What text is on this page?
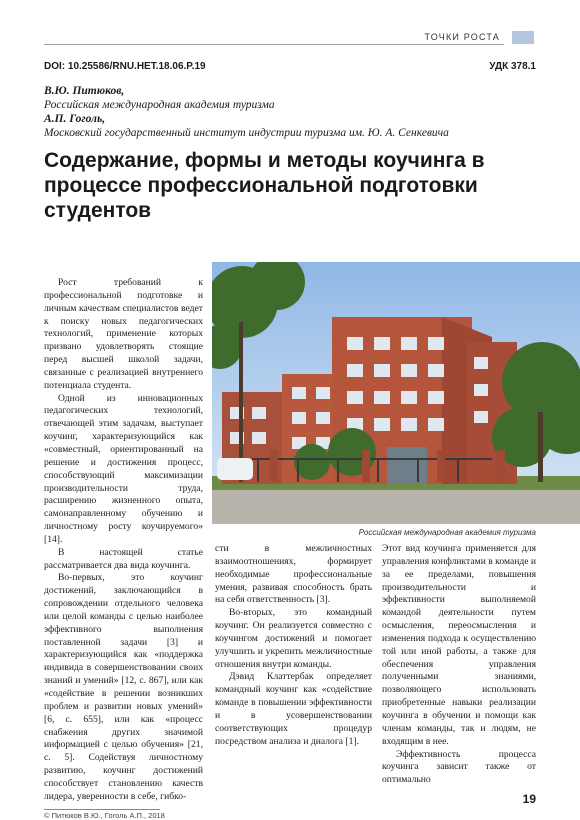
ТОЧКИ РОСТА
DOI: 10.25586/RNU.HET.18.06.P.19	УДК 378.1
В.Ю. Питюков,
Российская международная академия туризма
А.П. Гоголь,
Московский государственный институт индустрии туризма им. Ю. А. Сенкевича
Содержание, формы и методы коучинга в процессе профессиональной подготовки студентов

Рост требований к профессиональной подготовке и личным качествам специалистов ведет к поиску новых педагогических технологий, применение которых призвано удовлетворять стоящие перед высшей школой задачи, связанные с реализацией внутреннего потенциала студента.

Одной из инновационных педагогических технологий, отвечающей этим задачам, выступает коучинг, характеризующийся как «совместный, ориентированный на решение и достижения процесс, способствующий максимизации производительности труда, расширению жизненного опыта, самонаправленному обучению и личностному росту коучируемого» [14].

В настоящей статье рассматривается два вида коучинга.

Во-первых, это коучинг достижений, заключающийся в сопровождении отдельного человека или целой команды с целью наиболее эффективного выполнения поставленной задачи [3] и характеризующийся как «поддержка индивида в совершенствовании своих знаний и умений» [12, с. 867], или как «содействие в решении возникших проблем и развитии новых умений» [6, с. 655], или как «процесс снабжения других значимой информацией с целью обучения» [21, с. 5]. Содействуя личностному развитию, коучинг достижений способствует становлению качеств лидера, уверенности в себе, гибко-

Российская международная академия туризма

сти в межличностных взаимоотношениях, формирует необходимые профессиональные умения, развивая способность брать на себя ответственность [3].

Во-вторых, это командный коучинг. Он реализуется совместно с коучингом достижений и помогает улучшить и укрепить межличностные отношения внутри команды.

Дэвид Клаттербак определяет командный коучинг как «содействие команде в повышении эффективности и в усовершенствовании соответствующих процедур посредством анализа и диалога [1].

Этот вид коучинга применяется для управления конфликтами в команде и за ее пределами, повышения производительности и эффективности выполняемой командой деятельности путем осмысления, переосмысления и изменения подхода к осуществлению той или иной работы, а также для обеспечения управления полученными знаниями, позволяющего использовать приобретенные навыки реализации коучинга в обучении и помощи как членам команды, так и людям, не входящим в нее.

Эффективность процесса коучинга зависит также от оптимально

© Питюков В.Ю., Гоголь А.П., 2018
19
